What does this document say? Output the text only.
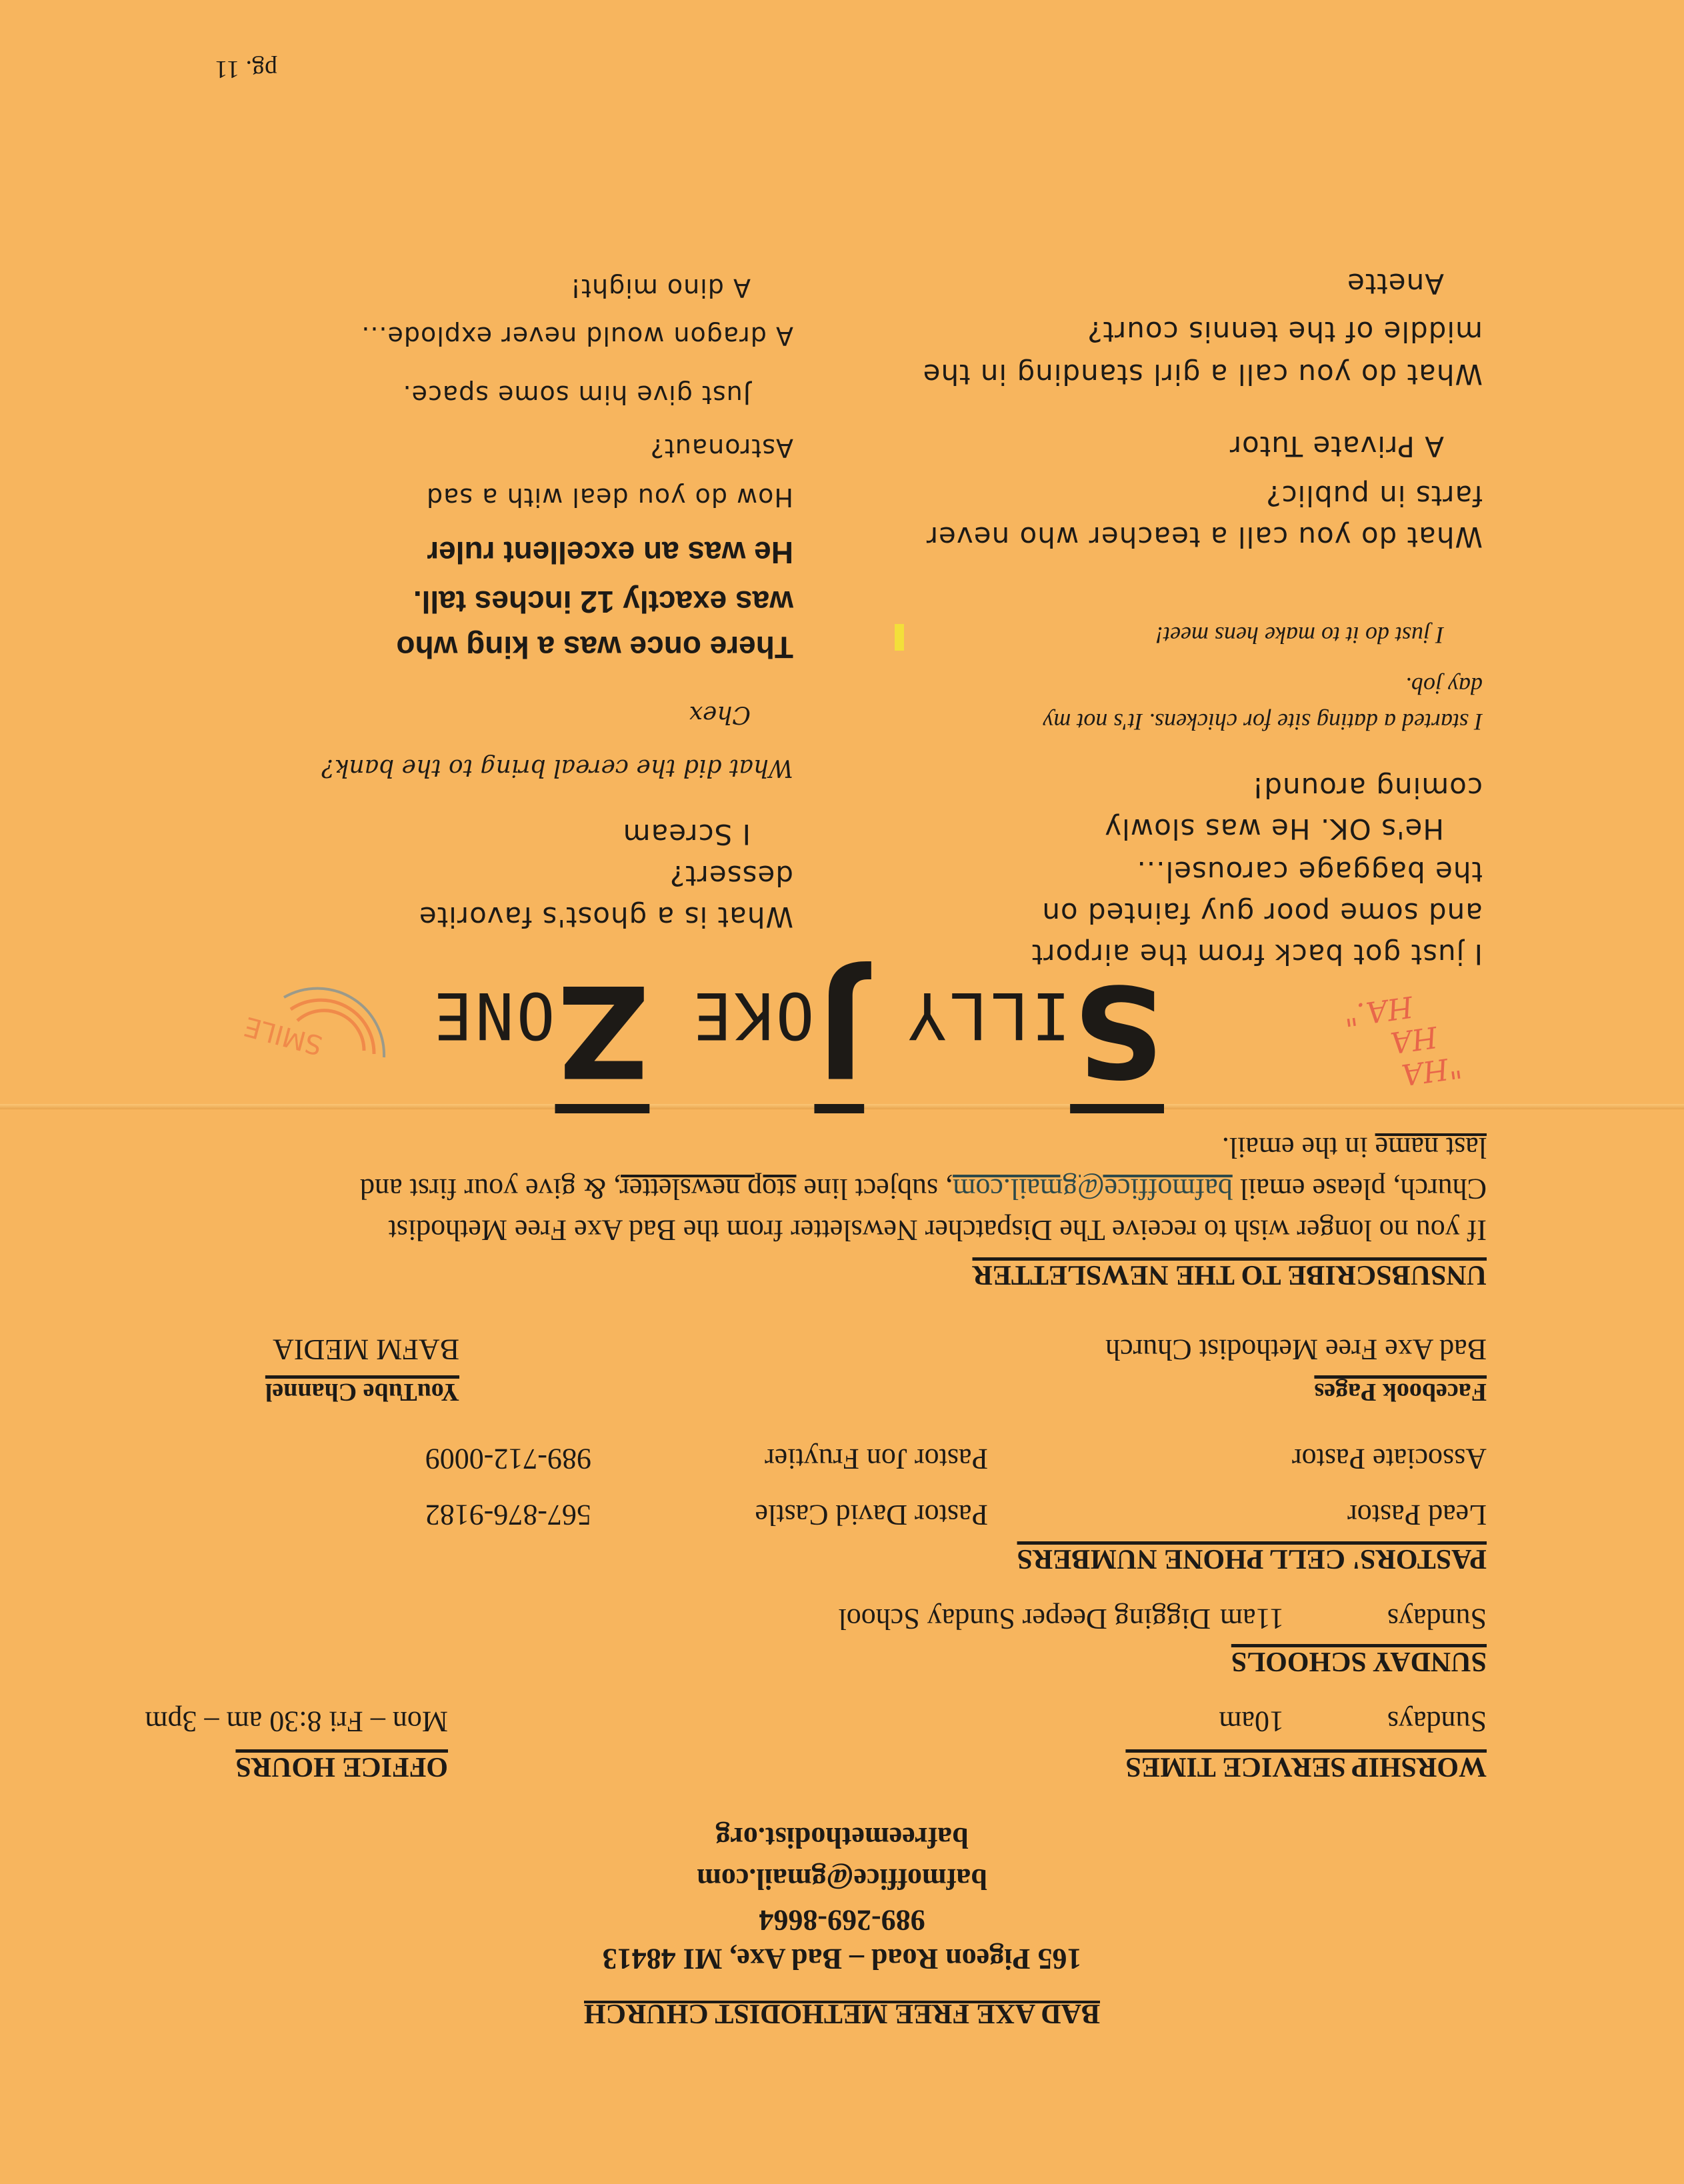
BAD AXE FREE METHODIST CHURCH
165 Pigeon Road – Bad Axe, MI 48413
989-269-8664
bafmoffice@gmail.com
bafreemethodist.org
WORSHIP SERVICE TIMES
Sundays
10am
OFFICE HOURS
Mon – Fri 8:30 am – 3pm
SUNDAY SCHOOLS
Sundays
11am
Digging Deeper Sunday School
PASTORS' CELL PHONE NUMBERS
Lead Pastor
Pastor David Castle
567-876-9182
Associate Pastor
Pastor Jon Fruytier
989-712-0009
Facebook Pages
Bad Axe Free Methodist Church
YouTube Channel
BAFM MEDIA
UNSUBSCRIBE TO THE NEWSLETTER
If you no longer wish to receive The Dispatcher Newsletter from the Bad Axe Free Methodist
Church, please email bafmoffice@gmail.com, subject line stop newsletter, & give your first and
last name in the email.
"HA
HA
HA."
$\overline{S}ILLY$ $\overline{J}OKE$ $\overline{Z}ONE$
SMILE
I just got back from the airport
and some poor guy fainted on
the baggage carousel...
He's OK. He was slowly
coming around!
I started a dating site for chickens. It's not my
day job.
I just do it to make hens meet!
What do you call a teacher who never
farts in public?
A Private Tutor
What do you call a girl standing in the
middle of the tennis court?
Anette
What is a ghost's favorite
dessert?
I Scream
What did the cereal bring to the bank?
Chex
There once was a king who
was exactly 12 inches tall.
He was an excellent ruler
How do you deal with a sad
Astronaut?
Just give him some space.
A dragon would never explode...
A dino might!
pg. 11
